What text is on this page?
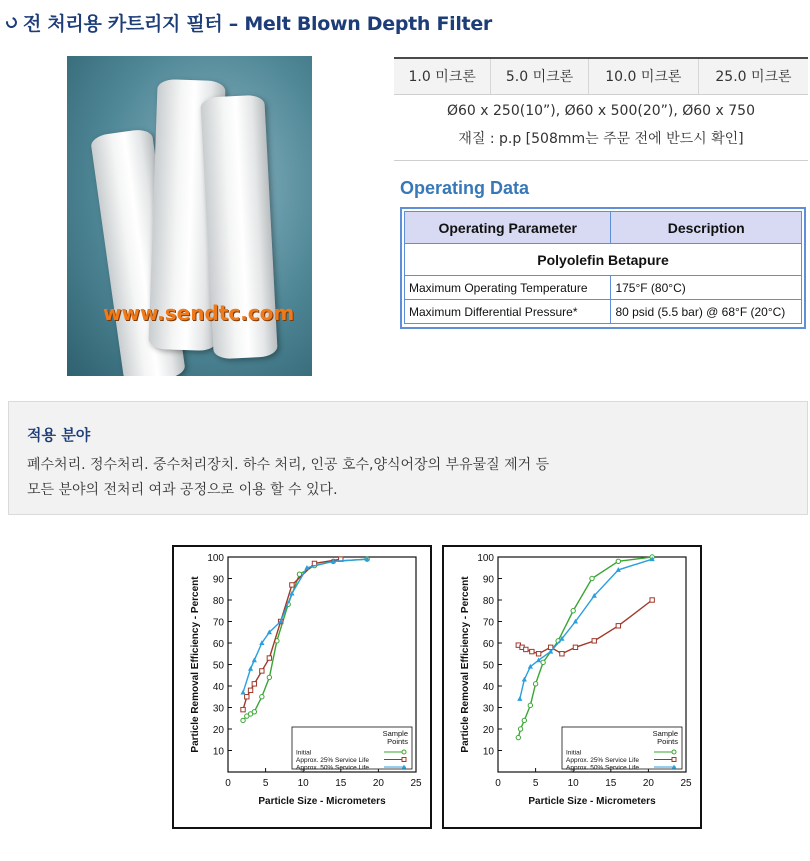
전 처리용 카트리지 필터 – Melt Blown Depth Filter
www.sendtc.com
1.0 미크론	5.0 미크론	10.0 미크론	25.0 미크론
Ø60 x 250(10”), Ø60 x 500(20”), Ø60 x 750
재질 : p.p [508mm는 주문 전에 반드시 확인]
Operating Data
Operating Parameter	Description
Polyolefin Betapure	
Maximum Operating Temperature	175°F (80°C)
Maximum Differential Pressure*	80 psid (5.5 bar) @ 68°F (20°C)
적용 분야
폐수처리. 정수처리. 중수처리장치. 하수 처리, 인공 호수,양식어장의 부유물질 제거 등
모든 분야의 전처리 여과 공정으로 이용 할 수 있다.
10
20
30
40
50
60
70
80
90
100
0	5	10	15	20	25
Particle Size - Micrometers
Particle Removal Efficiency - Percent	Sample
Points
Initial
Approx. 25% Service Life
Approx. 50% Service Life
10
20
30
40
50
60
70
80
90
100
0	5	10	15	20	25
Particle Size - Micrometers
Particle Removal Efficiency - Percent	Sample
Points
Initial
Approx. 25% Service Life
Approx. 50% Service Life
